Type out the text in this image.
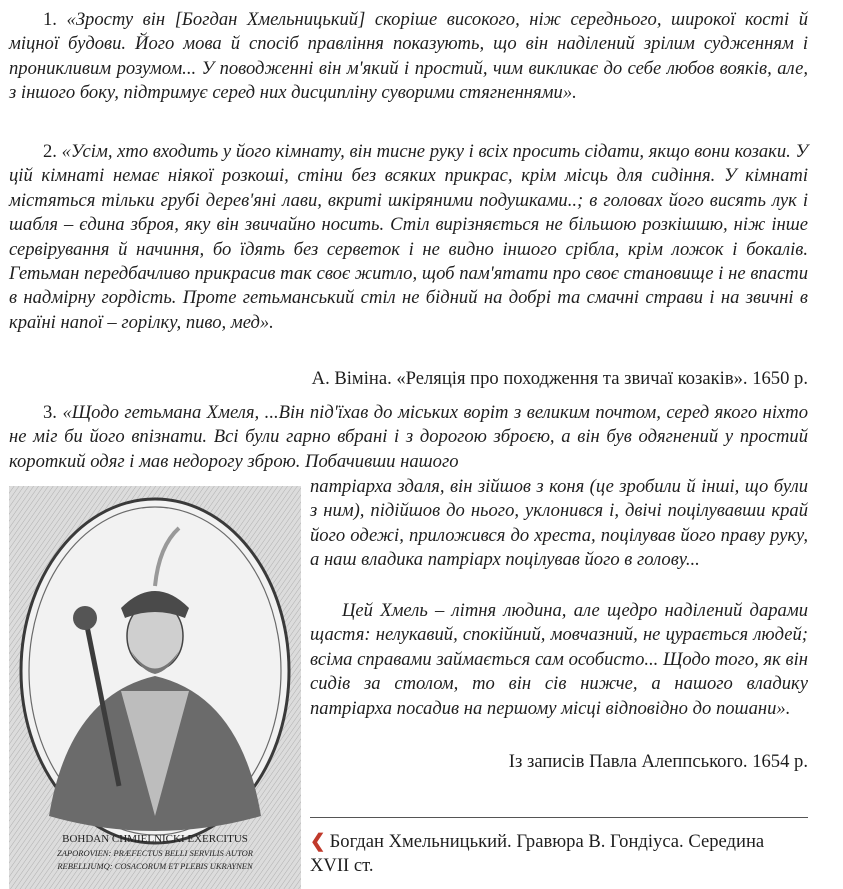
1. «Зросту він [Богдан Хмельницький] скоріше високого, ніж середнього, широкої кості й міцної будови. Його мова й спосіб правління показують, що він наділений зрілим судженням і проникливим розумом... У поводженні він м'який і простий, чим викликає до себе любов вояків, але, з іншого боку, підтримує серед них дисципліну суворими стягненнями».

2. «Усім, хто входить у його кімнату, він тисне руку і всіх просить сідати, якщо вони козаки. У цій кімнаті немає ніякої розкоші, стіни без всяких прикрас, крім місць для сидіння. У кімнаті містяться тільки грубі дерев'яні лави, вкриті шкіряними подушками..; в головах його висять лук і шабля – єдина зброя, яку він звичайно носить. Стіл вирізняється не більшою розкішшю, ніж інше сервірування й начиння, бо їдять без серветок і не видно іншого срібла, крім ложок і бокалів. Гетьман передбачливо прикрасив так своє житло, щоб пам'ятати про своє становище і не впасти в надмірну гордість. Проте гетьманський стіл не бідний на добрі та смачні страви і на звичні в країні напої – горілку, пиво, мед».

А. Віміна. «Реляція про походження та звичаї козаків». 1650 р.

3. «Щодо гетьмана Хмеля, ...Він під'їхав до міських воріт з великим почтом, серед якого ніхто не міг би його впізнати. Всі були гарно вбрані і з дорогою зброєю, а він був одягнений у простий короткий одяг і мав недорогу зброю. Побачивши нашого

патріарха здаля, він зійшов з коня (це зробили й інші, що були з ним), підійшов до нього, уклонився і, двічі поцілувавши край його одежі, приложився до хреста, поцілував його праву руку, а наш владика патріарх поцілував його в голову...

Цей Хмель – літня людина, але щедро наділений дарами щастя: нелукавий, спокійний, мовчазний, не цурається людей; всіма справами займається сам особисто... Щодо того, як він сидів за столом, то він сів нижче, а нашого владику патріарха посадив на першому місці відповідно до пошани».

Із записів Павла Алеппського. 1654 р.
BOHDAN CHMIELNICKI EXERCITUS
ZAPOROVIEN: PRÆFECTUS BELLI SERVILIS AUTOR
REBELLIUMQ: COSACORUM ET PLEBIS UKRAYNEN
❮ Богдан Хмельницький. Гравюра В. Гондіуса. Середина XVII ст.
